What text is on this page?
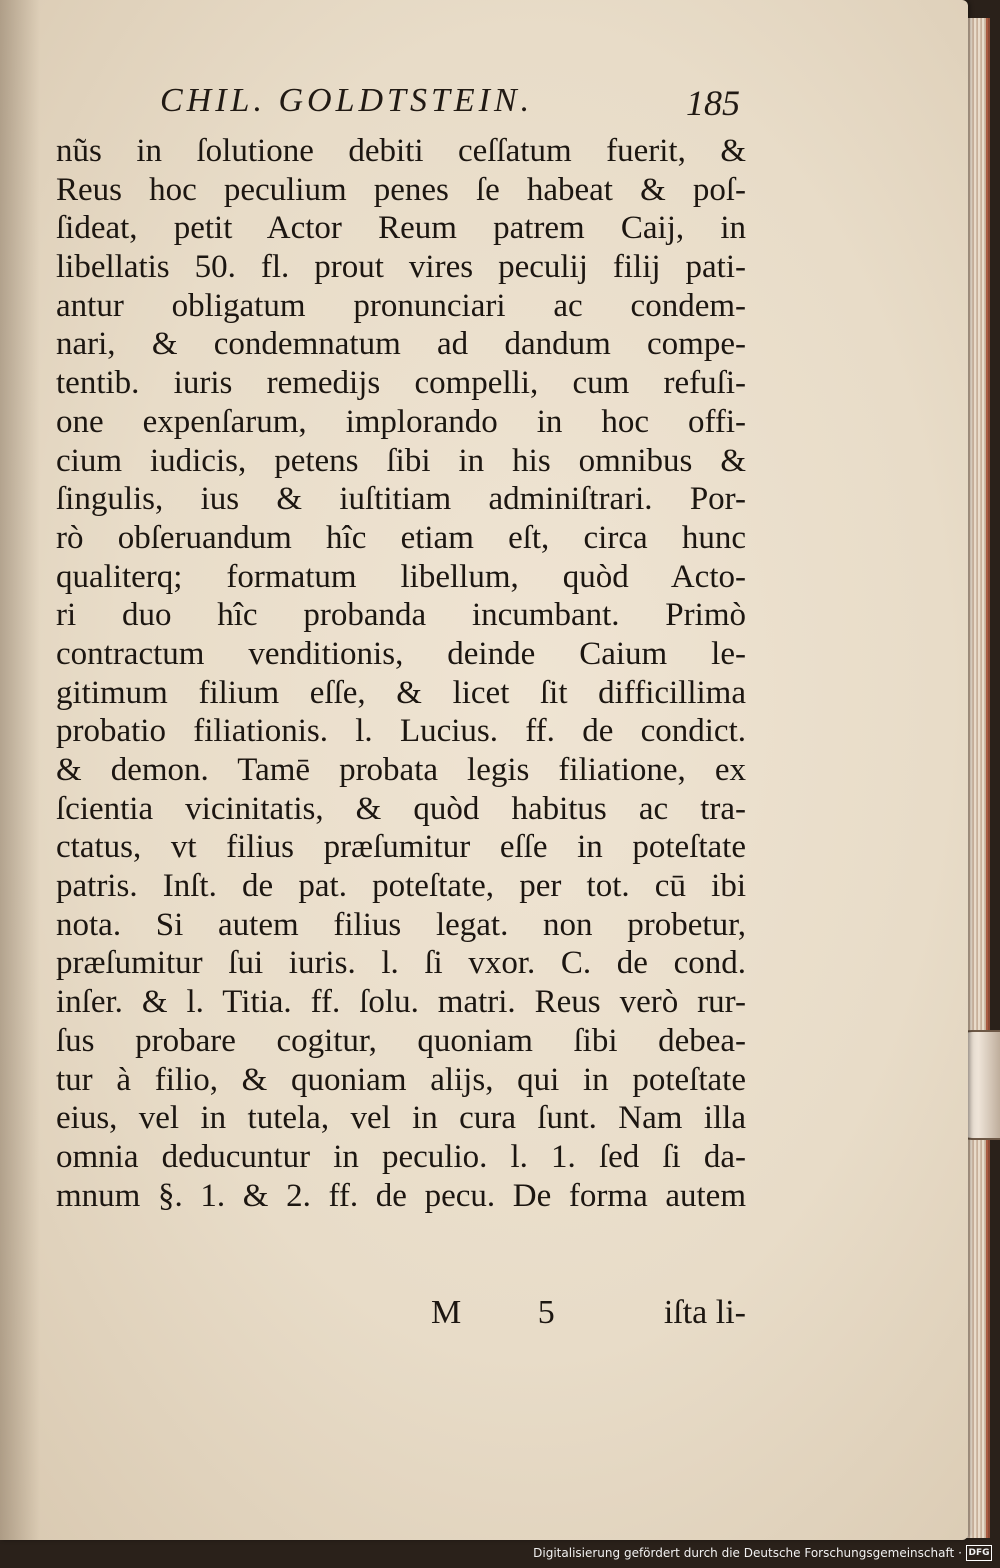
CHIL. GOLDTSTEIN.	185
nũs in ſolutione debiti ceſſatum fuerit, &
Reus hoc peculium penes ſe habeat & poſ-
ſideat, petit Actor Reum patrem Caij, in
libellatis 50. fl. prout vires peculij filij pati-
antur obligatum pronunciari ac condem-
nari, & condemnatum ad dandum compe-
tentib. iuris remedijs compelli, cum refuſi-
one expenſarum, implorando in hoc offi-
cium iudicis, petens ſibi in his omnibus &
ſingulis, ius & iuſtitiam adminiſtrari. Por-
rò obſeruandum hîc etiam eſt, circa hunc
qualiterq; formatum libellum, quòd Acto-
ri duo hîc probanda incumbant. Primò
contractum venditionis, deinde Caium le-
gitimum filium eſſe, & licet ſit difficillima
probatio filiationis. l. Lucius. ff. de condict.
& demon. Tamē probata legis filiatione, ex
ſcientia vicinitatis, & quòd habitus ac tra-
ctatus, vt filius præſumitur eſſe in poteſtate
patris. Inſt. de pat. poteſtate, per tot. cū ibi
nota. Si autem filius legat. non probetur,
præſumitur ſui iuris. l. ſi vxor. C. de cond.
inſer. & l. Titia. ff. ſolu. matri. Reus verò rur-
ſus probare cogitur, quoniam ſibi debea-
tur à filio, & quoniam alijs, qui in poteſtate
eius, vel in tutela, vel in cura ſunt. Nam illa
omnia deducuntur in peculio. l. 1. ſed ſi da-
mnum §. 1. & 2. ff. de pecu. De forma autem
M 5 iſta li-
Digitalisierung gefördert durch die Deutsche Forschungsgemeinschaft · DFG
